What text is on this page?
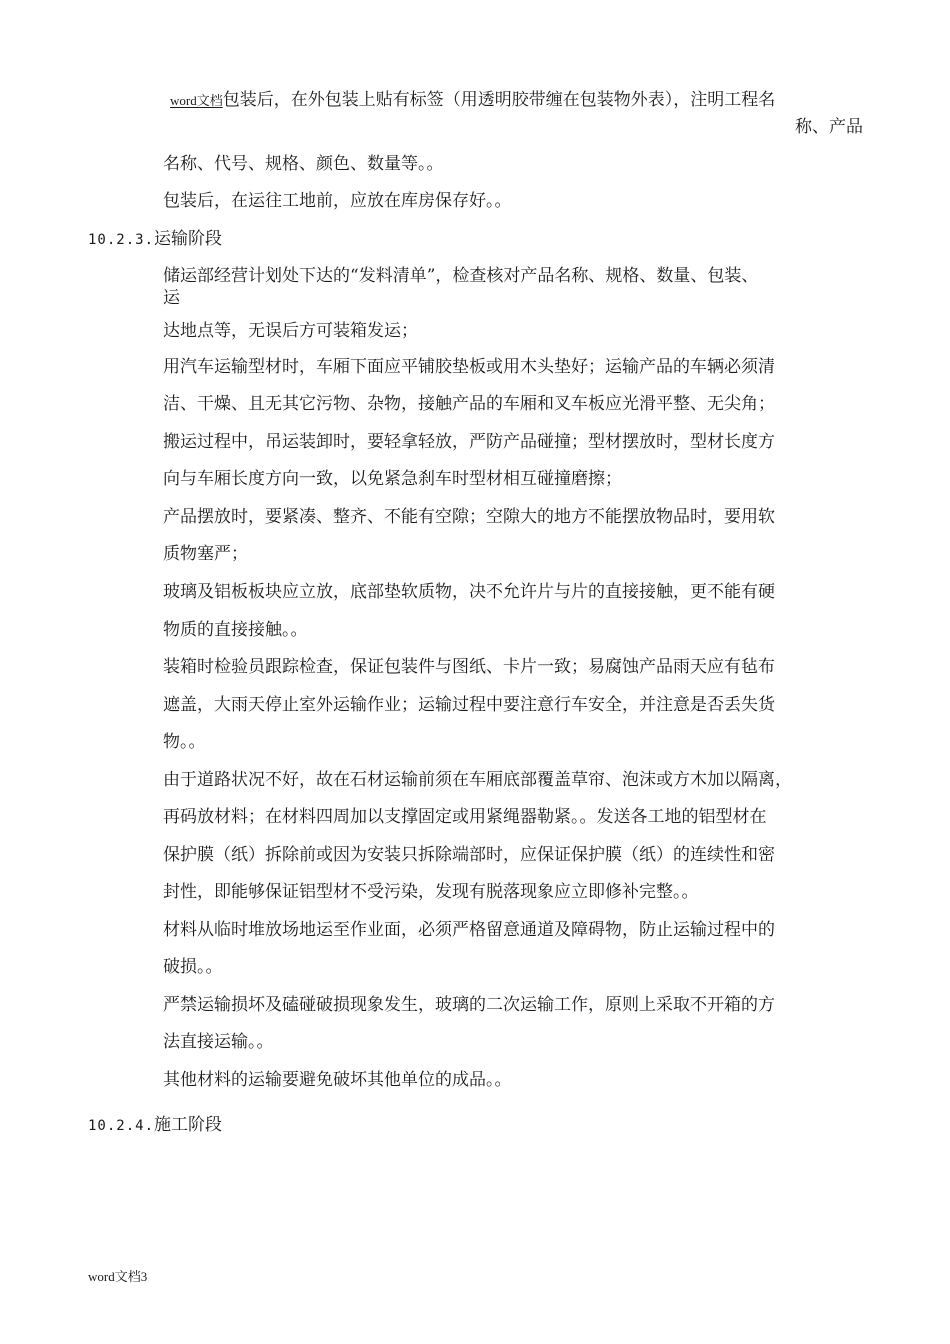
word文档包装后，在外包装上贴有标签（用透明胶带缠在包装物外表），注明工程名
称、产品
名称、代号、规格、颜色、数量等。。
包装后，在运往工地前，应放在库房保存好。。
10.2.3.运输阶段
储运部经营计划处下达的“发料清单”，检查核对产品名称、规格、数量、包装、
运
达地点等，无误后方可装箱发运；
用汽车运输型材时，车厢下面应平铺胶垫板或用木头垫好；运输产品的车辆必须清
洁、干燥、且无其它污物、杂物，接触产品的车厢和叉车板应光滑平整、无尖角；
搬运过程中，吊运装卸时，要轻拿轻放，严防产品碰撞；型材摆放时，型材长度方
向与车厢长度方向一致，以免紧急刹车时型材相互碰撞磨擦；
产品摆放时，要紧凑、整齐、不能有空隙；空隙大的地方不能摆放物品时，要用软
质物塞严；
玻璃及铝板板块应立放，底部垫软质物，决不允许片与片的直接接触，更不能有硬
物质的直接接触。。
装箱时检验员跟踪检查，保证包装件与图纸、卡片一致；易腐蚀产品雨天应有毡布
遮盖，大雨天停止室外运输作业；运输过程中要注意行车安全，并注意是否丢失货
物。。
由于道路状况不好，故在石材运输前须在车厢底部覆盖草帘、泡沫或方木加以隔离，
再码放材料；在材料四周加以支撑固定或用紧绳器勒紧。。发送各工地的铝型材在
保护膜（纸）拆除前或因为安装只拆除端部时，应保证保护膜（纸）的连续性和密
封性，即能够保证铝型材不受污染，发现有脱落现象应立即修补完整。。
材料从临时堆放场地运至作业面，必须严格留意通道及障碍物，防止运输过程中的
破损。。
严禁运输损坏及磕碰破损现象发生，玻璃的二次运输工作，原则上采取不开箱的方
法直接运输。。
其他材料的运输要避免破坏其他单位的成品。。
10.2.4.施工阶段
word文档3
